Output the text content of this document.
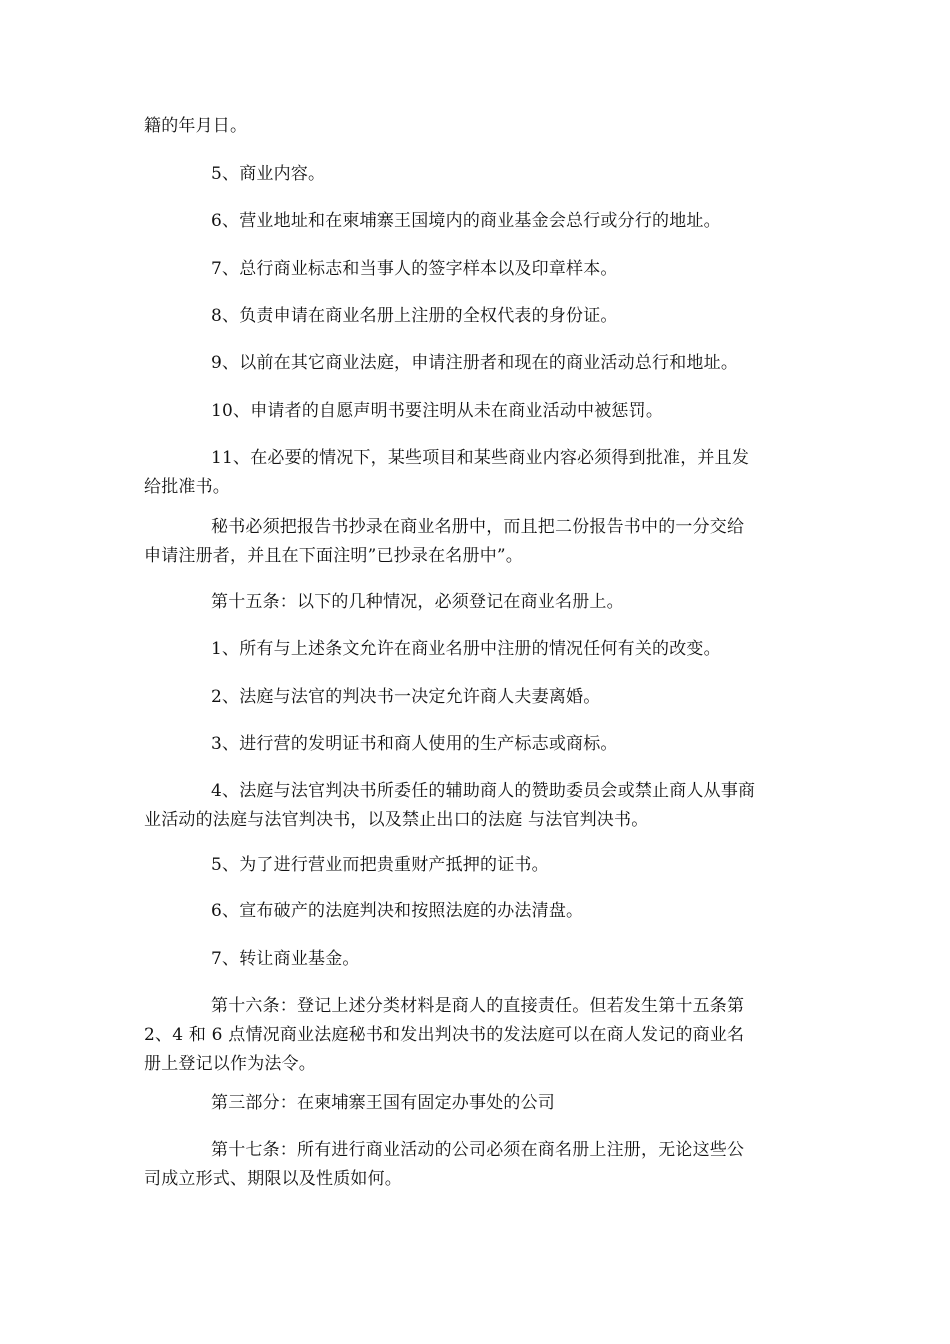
籍的年月日。
5、商业内容。
6、营业地址和在柬埔寨王国境内的商业基金会总行或分行的地址。
7、总行商业标志和当事人的签字样本以及印章样本。
8、负责申请在商业名册上注册的全权代表的身份证。
9、以前在其它商业法庭，申请注册者和现在的商业活动总行和地址。
10、申请者的自愿声明书要注明从未在商业活动中被惩罚。
11、在必要的情况下，某些项目和某些商业内容必须得到批准，并且发
给批准书。
秘书必须把报告书抄录在商业名册中，而且把二份报告书中的一分交给
申请注册者，并且在下面注明”已抄录在名册中”。
第十五条：以下的几种情况，必须登记在商业名册上。
1、所有与上述条文允许在商业名册中注册的情况任何有关的改变。
2、法庭与法官的判决书一决定允许商人夫妻离婚。
3、进行营的发明证书和商人使用的生产标志或商标。
4、法庭与法官判决书所委任的辅助商人的赞助委员会或禁止商人从事商
业活动的法庭与法官判决书，以及禁止出口的法庭 与法官判决书。
5、为了进行营业而把贵重财产抵押的证书。
6、宣布破产的法庭判决和按照法庭的办法清盘。
7、转让商业基金。
第十六条：登记上述分类材料是商人的直接责任。但若发生第十五条第
2、4 和 6 点情况商业法庭秘书和发出判决书的发法庭可以在商人发记的商业名
册上登记以作为法令。
第三部分：在柬埔寨王国有固定办事处的公司
第十七条：所有进行商业活动的公司必须在商名册上注册，无论这些公
司成立形式、期限以及性质如何。
